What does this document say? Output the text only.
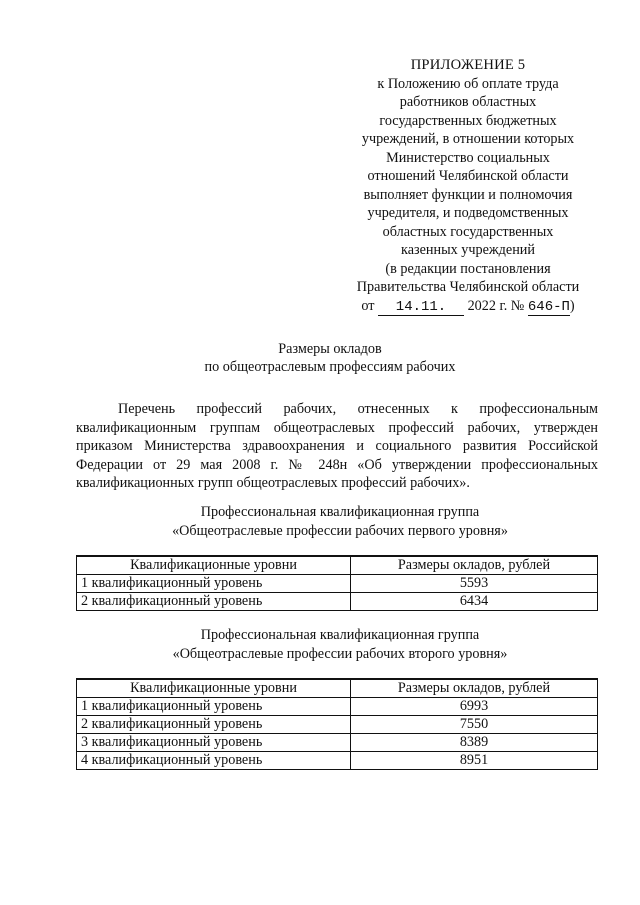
ПРИЛОЖЕНИЕ 5
к Положению об оплате труда
работников областных
государственных бюджетных
учреждений, в отношении которых
Министерство социальных
отношений Челябинской области
выполняет функции и полномочия
учредителя, и подведомственных
областных государственных
казенных учреждений
(в редакции постановления
Правительства Челябинской области
от 14.11. 2022 г. № 646-П)
Размеры окладов
по общеотраслевым профессиям рабочих
Перечень профессий рабочих, отнесенных к профессиональным квалификационным группам общеотраслевых профессий рабочих, утвержден приказом Министерства здравоохранения и социального развития Российской Федерации от 29 мая 2008 г. № 248н «Об утверждении профессиональных квалификационных групп общеотраслевых профессий рабочих».
Профессиональная квалификационная группа
«Общеотраслевые профессии рабочих первого уровня»
Квалификационные уровни	Размеры окладов, рублей
1 квалификационный уровень	5593
2 квалификационный уровень	6434
Профессиональная квалификационная группа
«Общеотраслевые профессии рабочих второго уровня»
Квалификационные уровни	Размеры окладов, рублей
1 квалификационный уровень	6993
2 квалификационный уровень	7550
3 квалификационный уровень	8389
4 квалификационный уровень	8951
